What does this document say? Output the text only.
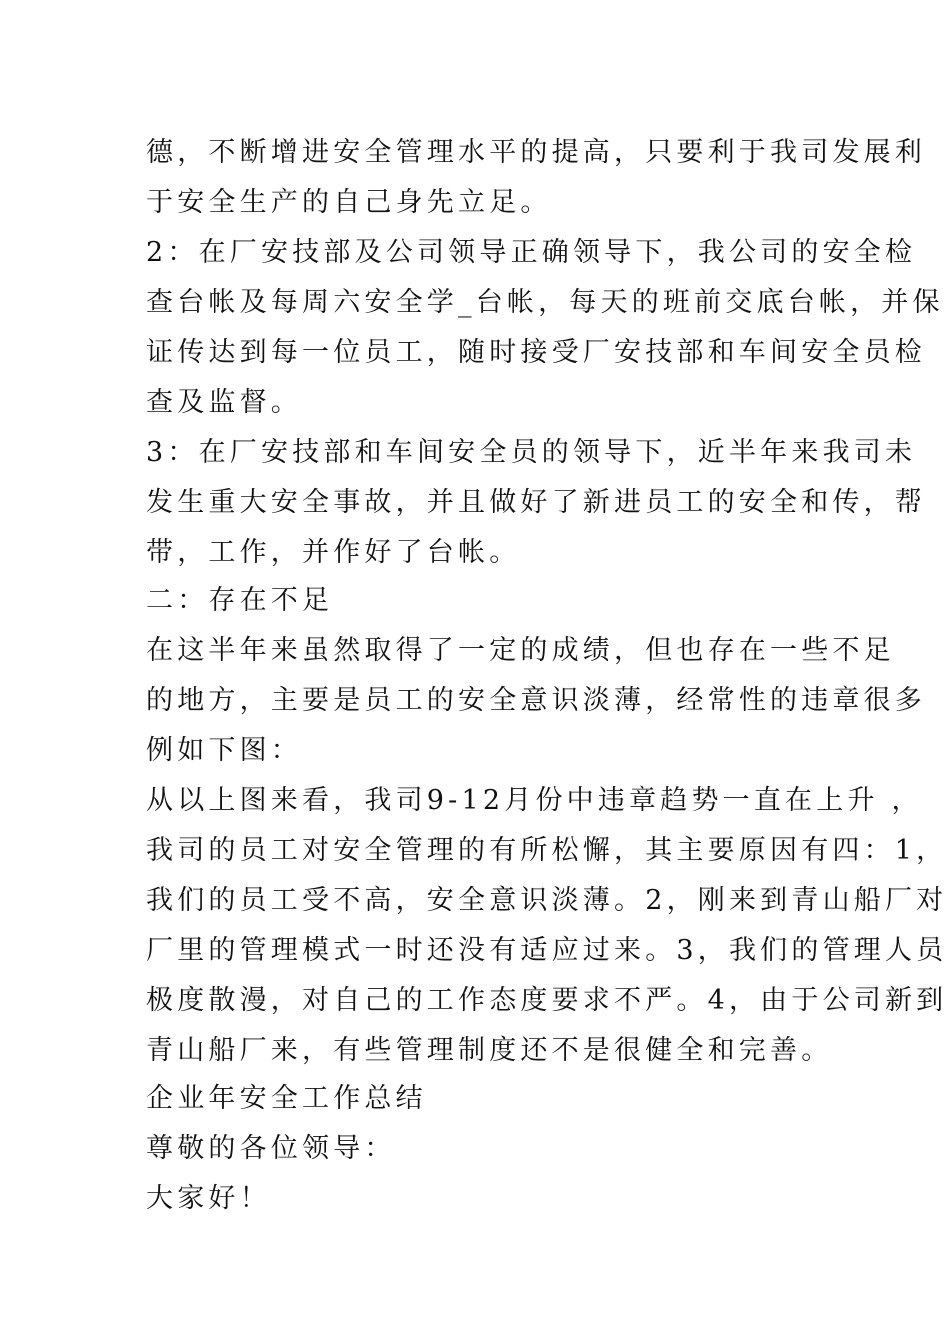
德，不断增进安全管理水平的提高，只要利于我司发展利
于安全生产的自己身先立足。
2：在厂安技部及公司领导正确领导下，我公司的安全检
查台帐及每周六安全学_台帐，每天的班前交底台帐，并保
证传达到每一位员工，随时接受厂安技部和车间安全员检
查及监督。
3：在厂安技部和车间安全员的领导下，近半年来我司未
发生重大安全事故，并且做好了新进员工的安全和传，帮
带，工作，并作好了台帐。
二：存在不足
在这半年来虽然取得了一定的成绩，但也存在一些不足
的地方，主要是员工的安全意识淡薄，经常性的违章很多
例如下图：
从以上图来看，我司9-12月份中违章趋势一直在上升 ，
我司的员工对安全管理的有所松懈，其主要原因有四：1，
我们的员工受不高，安全意识淡薄。2，刚来到青山船厂对
厂里的管理模式一时还没有适应过来。3，我们的管理人员
极度散漫，对自己的工作态度要求不严。4，由于公司新到
青山船厂来，有些管理制度还不是很健全和完善。
企业年安全工作总结
尊敬的各位领导：
大家好！
